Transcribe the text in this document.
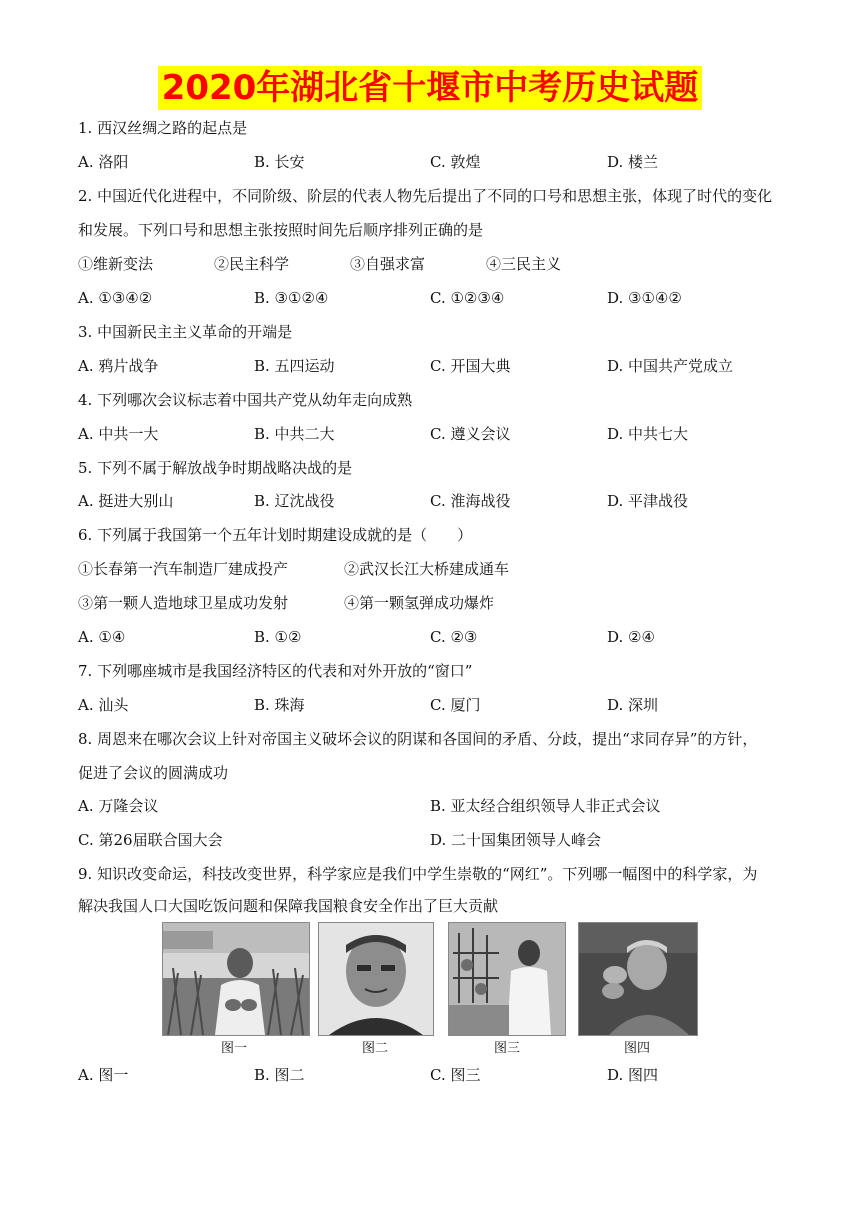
2020年湖北省十堰市中考历史试题
1. 西汉丝绸之路的起点是
A. 洛阳	B. 长安	C. 敦煌	D. 楼兰
2. 中国近代化进程中，不同阶级、阶层的代表人物先后提出了不同的口号和思想主张，体现了时代的变化
和发展。下列口号和思想主张按照时间先后顺序排列正确的是
①维新变法	②民主科学	③自强求富	④三民主义
A. ①③④②	B. ③①②④	C. ①②③④	D. ③①④②
3. 中国新民主主义革命的开端是
A. 鸦片战争	B. 五四运动	C. 开国大典	D. 中国共产党成立
4. 下列哪次会议标志着中国共产党从幼年走向成熟
A. 中共一大	B. 中共二大	C. 遵义会议	D. 中共七大
5. 下列不属于解放战争时期战略决战的是
A. 挺进大别山	B. 辽沈战役	C. 淮海战役	D. 平津战役
6. 下列属于我国第一个五年计划时期建设成就的是（　　）
①长春第一汽车制造厂建成投产	②武汉长江大桥建成通车
③第一颗人造地球卫星成功发射	④第一颗氢弹成功爆炸
A. ①④	B. ①②	C. ②③	D. ②④
7. 下列哪座城市是我国经济特区的代表和对外开放的“窗口”
A. 汕头	B. 珠海	C. 厦门	D. 深圳
8. 周恩来在哪次会议上针对帝国主义破坏会议的阴谋和各国间的矛盾、分歧，提出“求同存异”的方针，
促进了会议的圆满成功
A. 万隆会议	B. 亚太经合组织领导人非正式会议
C. 第26届联合国大会	D. 二十国集团领导人峰会
9. 知识改变命运，科技改变世界，科学家应是我们中学生崇敬的“网红”。下列哪一幅图中的科学家，为
解决我国人口大国吃饭问题和保障我国粮食安全作出了巨大贡献
图一	图二	图三	图四
A. 图一	B. 图二	C. 图三	D. 图四
